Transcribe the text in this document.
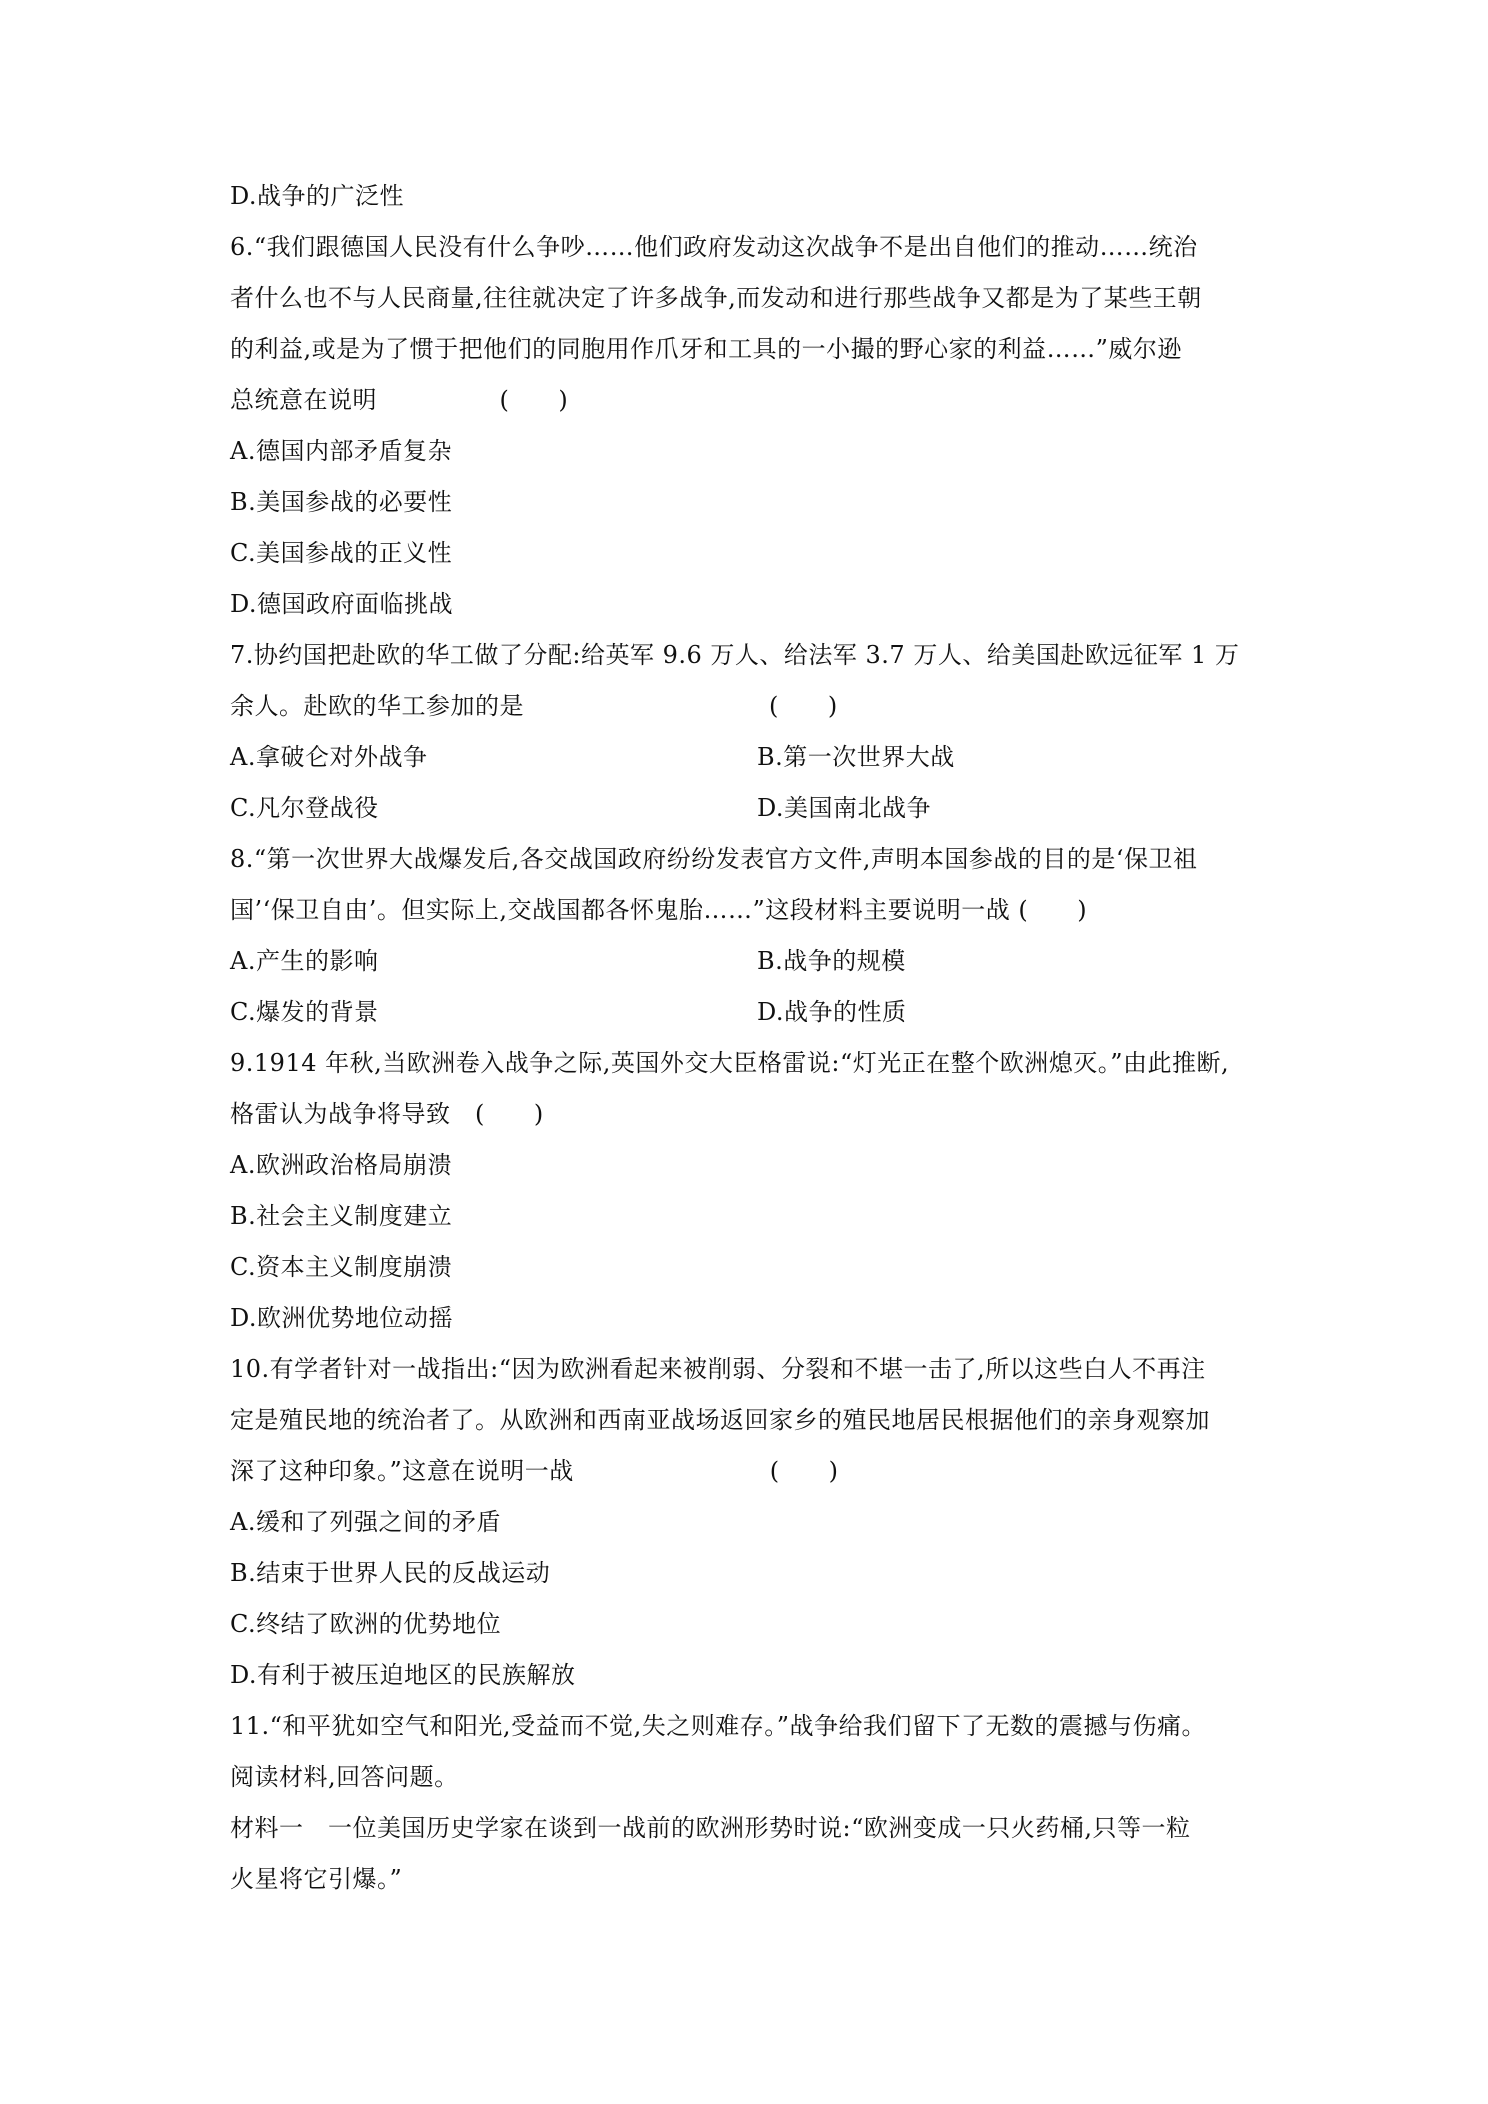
D.战争的广泛性
6.“我们跟德国人民没有什么争吵……他们政府发动这次战争不是出自他们的推动……统治
者什么也不与人民商量,往往就决定了许多战争,而发动和进行那些战争又都是为了某些王朝
的利益,或是为了惯于把他们的同胞用作爪牙和工具的一小撮的野心家的利益……”威尔逊
总统意在说明　　　　　(　　)
A.德国内部矛盾复杂
B.美国参战的必要性
C.美国参战的正义性
D.德国政府面临挑战
7.协约国把赴欧的华工做了分配:给英军 9.6 万人、给法军 3.7 万人、给美国赴欧远征军 1 万
余人。赴欧的华工参加的是　　　　　　　　　　(　　)
A.拿破仑对外战争	B.第一次世界大战
C.凡尔登战役	D.美国南北战争
8.“第一次世界大战爆发后,各交战国政府纷纷发表官方文件,声明本国参战的目的是‘保卫祖
国’‘保卫自由’。但实际上,交战国都各怀鬼胎……”这段材料主要说明一战 (　　)
A.产生的影响	B.战争的规模
C.爆发的背景	D.战争的性质
9.1914 年秋,当欧洲卷入战争之际,英国外交大臣格雷说:“灯光正在整个欧洲熄灭。”由此推断,
格雷认为战争将导致　(　　)
A.欧洲政治格局崩溃
B.社会主义制度建立
C.资本主义制度崩溃
D.欧洲优势地位动摇
10.有学者针对一战指出:“因为欧洲看起来被削弱、分裂和不堪一击了,所以这些白人不再注
定是殖民地的统治者了。从欧洲和西南亚战场返回家乡的殖民地居民根据他们的亲身观察加
深了这种印象。”这意在说明一战　　　　　　　　(　　)
A.缓和了列强之间的矛盾
B.结束于世界人民的反战运动
C.终结了欧洲的优势地位
D.有利于被压迫地区的民族解放
11.“和平犹如空气和阳光,受益而不觉,失之则难存。”战争给我们留下了无数的震撼与伤痛。
阅读材料,回答问题。
材料一　一位美国历史学家在谈到一战前的欧洲形势时说:“欧洲变成一只火药桶,只等一粒
火星将它引爆。”
